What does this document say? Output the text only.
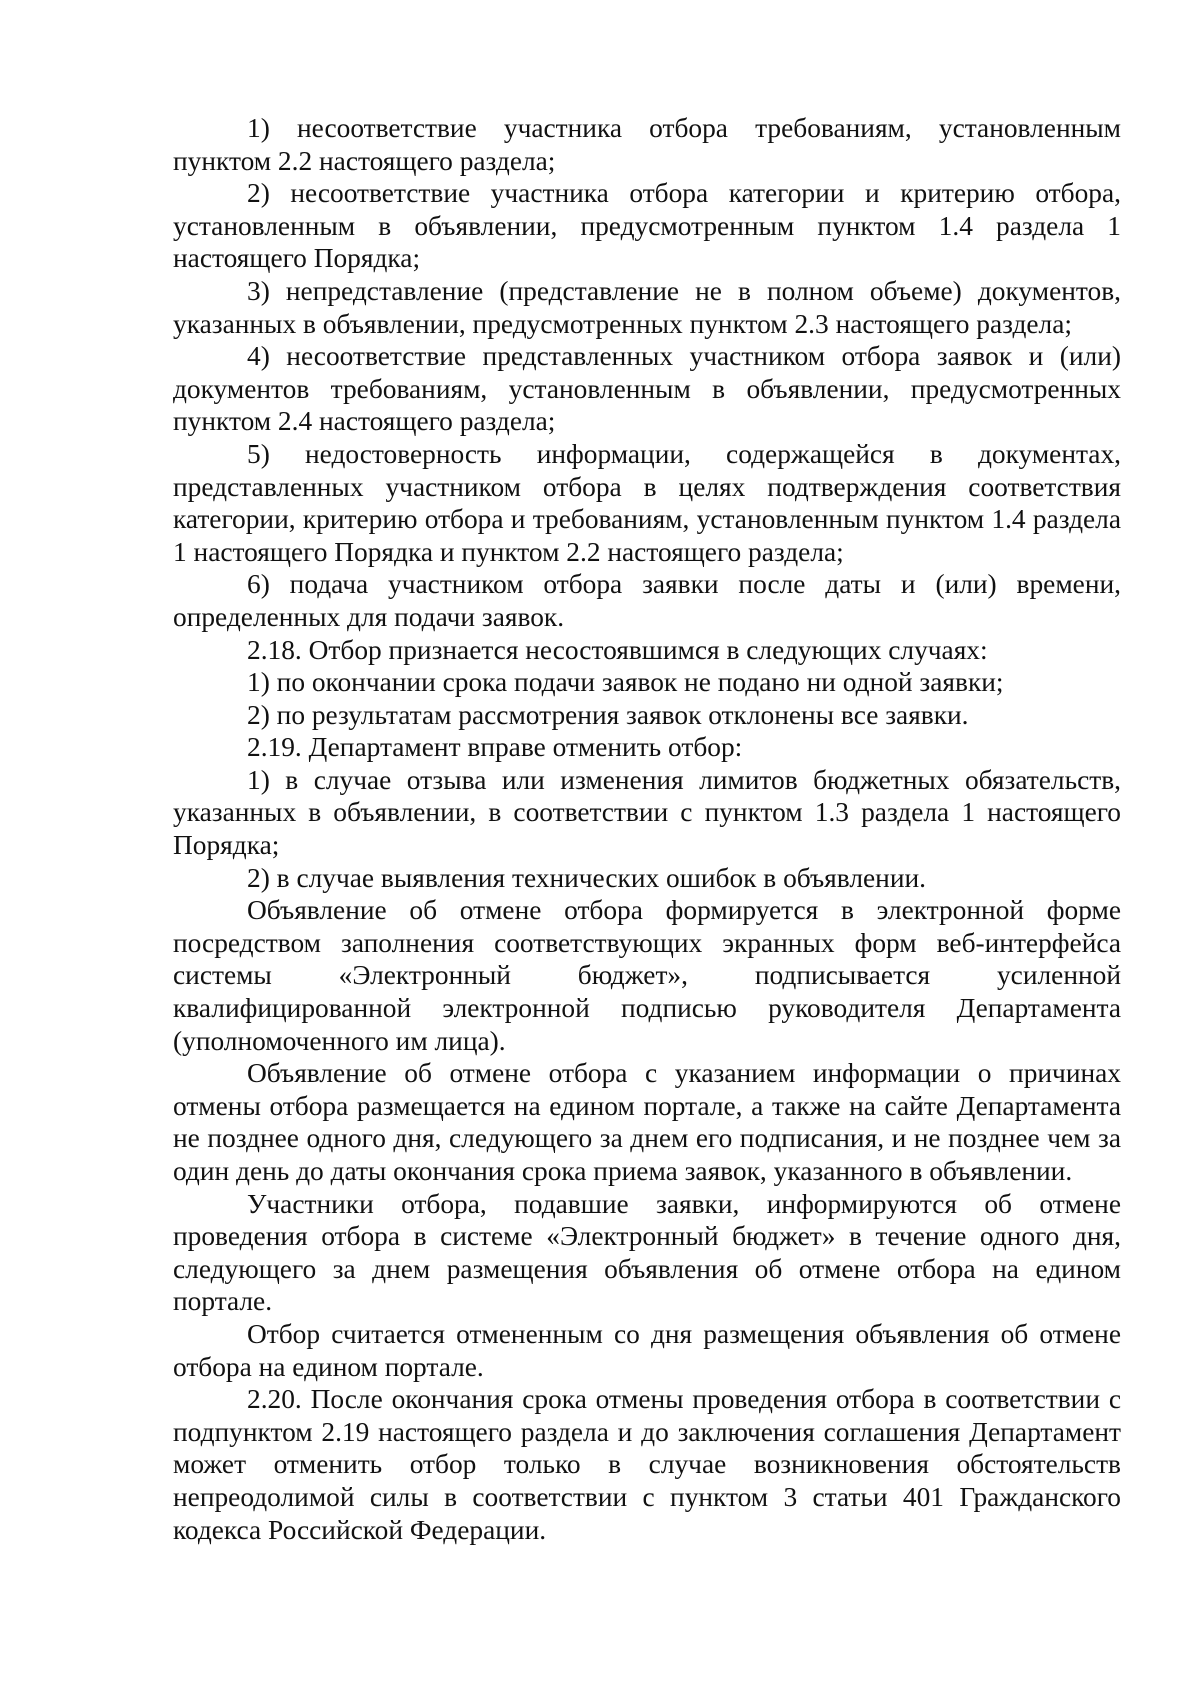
1) несоответствие участника отбора требованиям, установленным пунктом 2.2 настоящего раздела;

2) несоответствие участника отбора категории и критерию отбора, установленным в объявлении, предусмотренным пунктом 1.4 раздела 1 настоящего Порядка;

3) непредставление (представление не в полном объеме) документов, указанных в объявлении, предусмотренных пунктом 2.3 настоящего раздела;

4) несоответствие представленных участником отбора заявок и (или) документов требованиям, установленным в объявлении, предусмотренных пунктом 2.4 настоящего раздела;

5) недостоверность информации, содержащейся в документах, представленных участником отбора в целях подтверждения соответствия категории, критерию отбора и требованиям, установленным пунктом 1.4 раздела 1 настоящего Порядка и пунктом 2.2 настоящего раздела;

6) подача участником отбора заявки после даты и (или) времени, определенных для подачи заявок.

2.18. Отбор признается несостоявшимся в следующих случаях:

1) по окончании срока подачи заявок не подано ни одной заявки;

2) по результатам рассмотрения заявок отклонены все заявки.

2.19. Департамент вправе отменить отбор:

1) в случае отзыва или изменения лимитов бюджетных обязательств, указанных в объявлении, в соответствии с пунктом 1.3 раздела 1 настоящего Порядка;

2) в случае выявления технических ошибок в объявлении.

Объявление об отмене отбора формируется в электронной форме посредством заполнения соответствующих экранных форм веб-интерфейса системы «Электронный бюджет», подписывается усиленной квалифицированной электронной подписью руководителя Департамента (уполномоченного им лица).

Объявление об отмене отбора с указанием информации о причинах отмены отбора размещается на едином портале, а также на сайте Департамента не позднее одного дня, следующего за днем его подписания, и не позднее чем за один день до даты окончания срока приема заявок, указанного в объявлении.

Участники отбора, подавшие заявки, информируются об отмене проведения отбора в системе «Электронный бюджет» в течение одного дня, следующего за днем размещения объявления об отмене отбора на едином портале.

Отбор считается отмененным со дня размещения объявления об отмене отбора на едином портале.

2.20. После окончания срока отмены проведения отбора в соответствии с подпунктом 2.19 настоящего раздела и до заключения соглашения Департамент может отменить отбор только в случае возникновения обстоятельств непреодолимой силы в соответствии с пунктом 3 статьи 401 Гражданского кодекса Российской Федерации.
